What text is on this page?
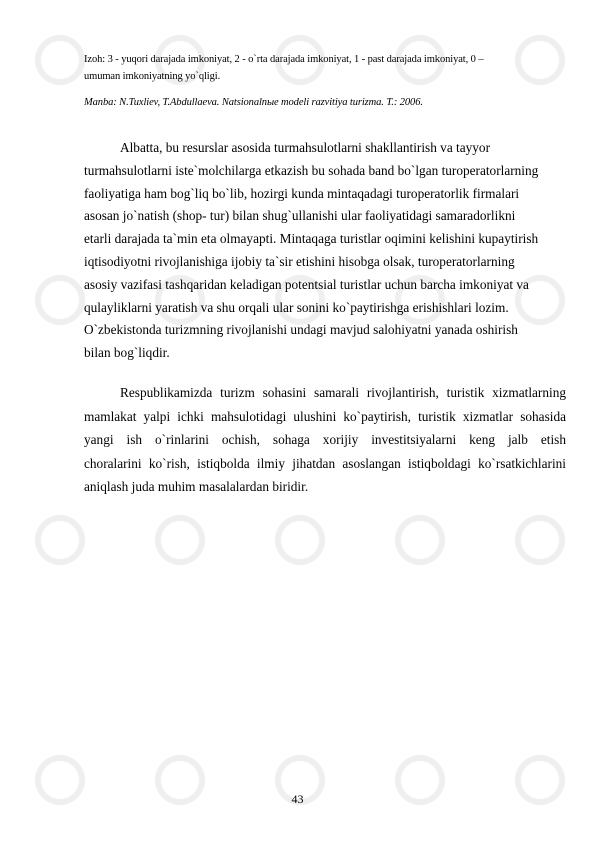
Izoh: 3 - yuqori darajada imkoniyat, 2 - o`rta darajada imkoniyat, 1 - past darajada imkoniyat, 0 –
umuman imkoniyatning yo`qligi.
Manba: N.Tuxliev, T.Abdullaeva. Natsionalnыe modeli razvitiya turizma. T.: 2006.
Albatta, bu resurslar asosida turmahsulotlarni shakllantirish va tayyor
turmahsulotlarni iste`molchilarga etkazish bu sohada band bo`lgan turoperatorlarning
faoliyatiga ham bog`liq bo`lib, hozirgi kunda mintaqadagi turoperatorlik firmalari
asosan jo`natish (shop- tur) bilan shug`ullanishi ular faoliyatidagi samaradorlikni
etarli darajada ta`min eta olmayapti. Mintaqaga turistlar oqimini kelishini kupaytirish
iqtisodiyotni rivojlanishiga ijobiy ta`sir etishini hisobga olsak, turoperatorlarning
asosiy vazifasi tashqaridan keladigan potentsial turistlar uchun barcha imkoniyat va
qulayliklarni yaratish va shu orqali ular sonini ko`paytirishga erishishlari lozim.
O`zbekistonda turizmning rivojlanishi undagi mavjud salohiyatni yanada oshirish
bilan bog`liqdir.
Respublikamizda turizm sohasini samarali rivojlantirish, turistik xizmatlarning
mamlakat yalpi ichki mahsulotidagi ulushini ko`paytirish, turistik xizmatlar sohasida
yangi ish o`rinlarini ochish, sohaga xorijiy investitsiyalarni keng jalb etish
choralarini ko`rish, istiqbolda ilmiy jihatdan asoslangan istiqboldagi ko`rsatkichlarini
aniqlash juda muhim masalalardan biridir.
43
